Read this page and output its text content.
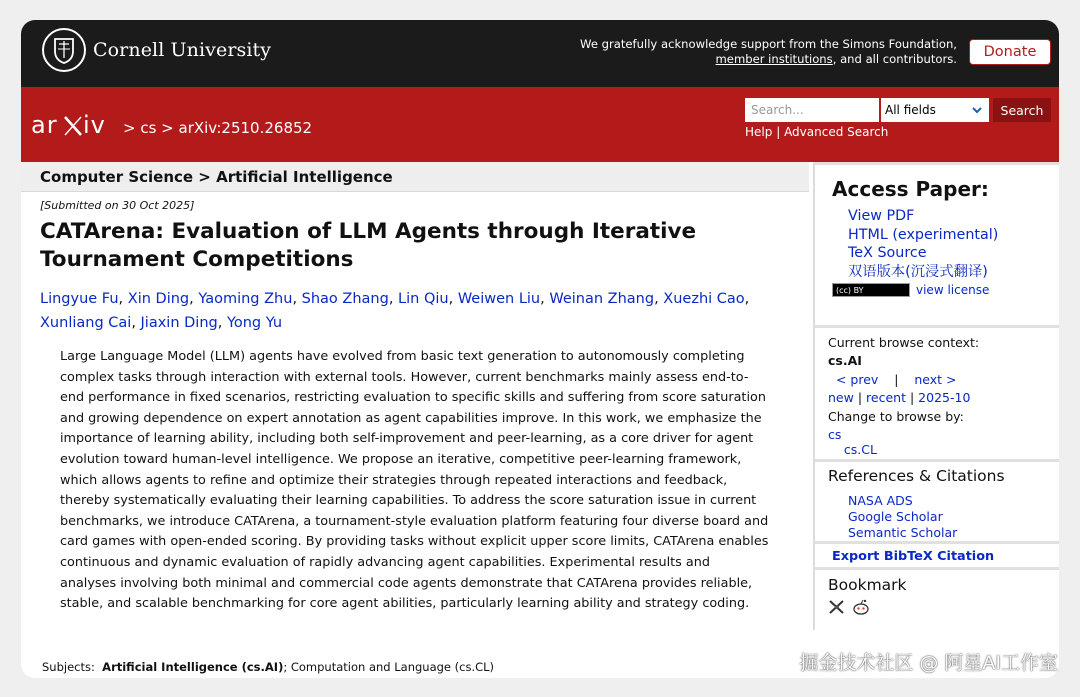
Cornell University	We gratefully acknowledge support from the Simons Foundation,
member institutions, and all contributors.	Donate
ar iv > cs > arXiv:2510.26852
Search...	All fields	Search
Help | Advanced Search
Computer Science > Artificial Intelligence
[Submitted on 30 Oct 2025]
CATArena: Evaluation of LLM Agents through Iterative Tournament Competitions
Lingyue Fu, Xin Ding, Yaoming Zhu, Shao Zhang, Lin Qiu, Weiwen Liu, Weinan Zhang, Xuezhi Cao,
Xunliang Cai, Jiaxin Ding, Yong Yu

Large Language Model (LLM) agents have evolved from basic text generation to autonomously completing complex tasks through interaction with external tools. However, current benchmarks mainly assess end-to-end performance in fixed scenarios, restricting evaluation to specific skills and suffering from score saturation and growing dependence on expert annotation as agent capabilities improve. In this work, we emphasize the importance of learning ability, including both self-improvement and peer-learning, as a core driver for agent evolution toward human-level intelligence. We propose an iterative, competitive peer-learning framework, which allows agents to refine and optimize their strategies through repeated interactions and feedback, thereby systematically evaluating their learning capabilities. To address the score saturation issue in current benchmarks, we introduce CATArena, a tournament-style evaluation platform featuring four diverse board and card games with open-ended scoring. By providing tasks without explicit upper score limits, CATArena enables continuous and dynamic evaluation of rapidly advancing agent capabilities. Experimental results and analyses involving both minimal and commercial code agents demonstrate that CATArena provides reliable, stable, and scalable benchmarking for core agent abilities, particularly learning ability and strategy coding.

Subjects: Artificial Intelligence (cs.AI); Computation and Language (cs.CL)
Access Paper:
View PDF
HTML (experimental)
TeX Source
双语版本(沉浸式翻译)
(cc) BY	view license
Current browse context:
cs.AI
< prev | next >
new | recent | 2025-10
Change to browse by:
cs
cs.CL
References & Citations
NASA ADS
Google Scholar
Semantic Scholar
Export BibTeX Citation
Bookmark
掘金技术社区 @ 阿星AI工作室
